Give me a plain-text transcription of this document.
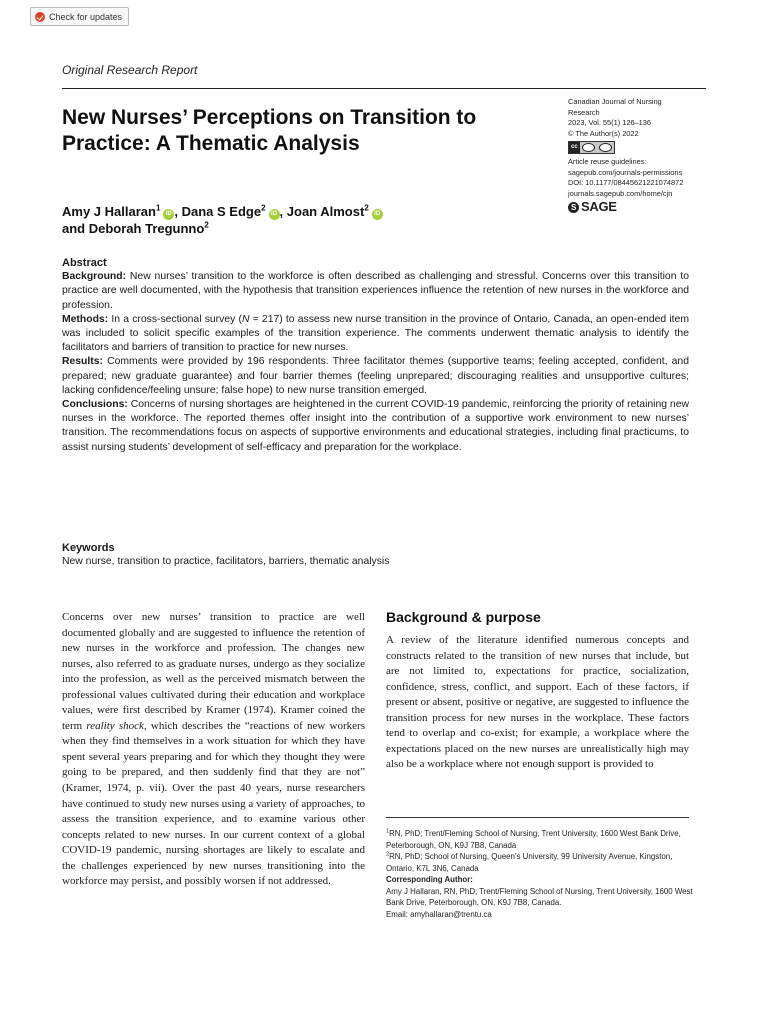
Check for updates
Original Research Report
New Nurses’ Perceptions on Transition to Practice: A Thematic Analysis
Canadian Journal of Nursing
Research
2023, Vol. 55(1) 126–136
© The Author(s) 2022
cc
Article reuse guidelines:
sagepub.com/journals-permissions
DOI: 10.1177/08445621221074872
journals.sagepub.com/home/cjn
S SAGE
Amy J Hallaran$^1$iD , Dana S Edge$^2$iD , Joan Almost$^2$iD
and Deborah Tregunno$^2$

Abstract

Background: New nurses’ transition to the workforce is often described as challenging and stressful. Concerns over this transition to practice are well documented, with the hypothesis that transition experiences influence the retention of new nurses in the workforce and profession.

Methods: In a cross-sectional survey (N = 217) to assess new nurse transition in the province of Ontario, Canada, an open-ended item was included to solicit specific examples of the transition experience. The comments underwent thematic analysis to identify the facilitators and barriers of transition to practice for new nurses.

Results: Comments were provided by 196 respondents. Three facilitator themes (supportive teams; feeling accepted, confident, and prepared; new graduate guarantee) and four barrier themes (feeling unprepared; discouraging realities and unsupportive cultures; lacking confidence/feeling unsure; false hope) to new nurse transition emerged.

Conclusions: Concerns of nursing shortages are heightened in the current COVID-19 pandemic, reinforcing the priority of retaining new nurses in the workforce. The reported themes offer insight into the contribution of a supportive work environment to new nurses’ transition. The recommendations focus on aspects of supportive environments and educational strategies, including final practicums, to assist nursing students’ development of self-efficacy and preparation for the workplace.

Keywords
New nurse, transition to practice, facilitators, barriers, thematic analysis

Concerns over new nurses’ transition to practice are well documented globally and are suggested to influence the retention of new nurses in the workforce and profession. The changes new nurses, also referred to as graduate nurses, undergo as they socialize into the profession, as well as the perceived mismatch between the professional values cultivated during their education and workplace values, were first described by Kramer (1974). Kramer coined the term reality shock, which describes the “reactions of new workers when they find themselves in a work situation for which they have spent several years preparing and for which they thought they were going to be prepared, and then suddenly find that they are not” (Kramer, 1974, p. vii). Over the past 40 years, nurse researchers have continued to study new nurses using a variety of approaches, to assess the transition experience, and to examine various other concepts related to new nurses. In our current context of a global COVID-19 pandemic, nursing shortages are likely to escalate and the challenges experienced by new nurses transitioning into the workforce may persist, and possibly worsen if not addressed.

Background & purpose

A review of the literature identified numerous concepts and constructs related to the transition of new nurses that include, but are not limited to, expectations for practice, socialization, confidence, stress, conflict, and support. Each of these factors, if present or absent, positive or negative, are suggested to influence the transition process for new nurses in the workplace. These factors tend to overlap and co-exist; for example, a workplace where the expectations placed on the new nurses are unrealistically high may also be a workplace where not enough support is provided to

$^1$RN, PhD; Trent/Fleming School of Nursing, Trent University, 1600 West Bank Drive, Peterborough, ON, K9J 7B8, Canada

$^2$RN, PhD; School of Nursing, Queen’s University, 99 University Avenue, Kingston, Ontario, K7L 3N6, Canada

Corresponding Author:

Amy J Hallaran, RN, PhD; Trent/Fleming School of Nursing, Trent University, 1600 West Bank Drive, Peterborough, ON, K9J 7B8, Canada.

Email: amyhallaran@trentu.ca
